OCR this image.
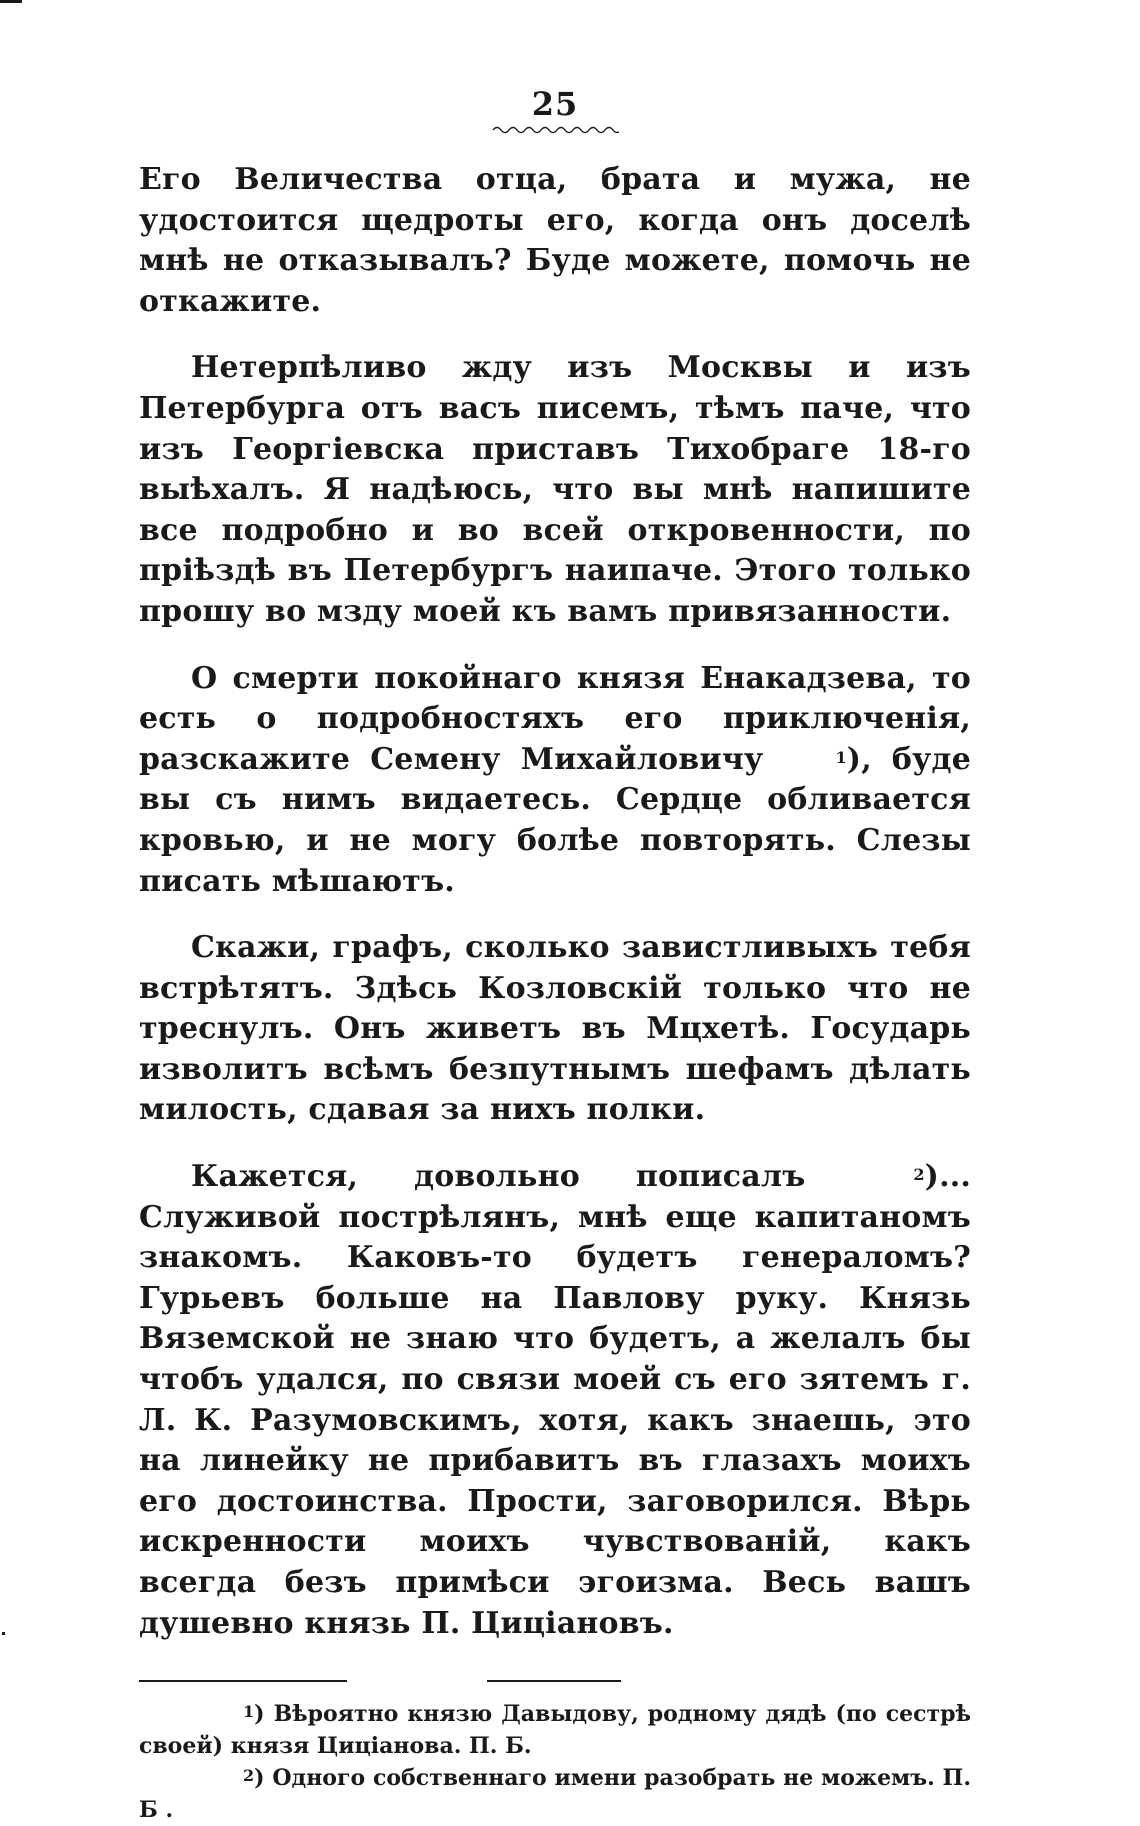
25

Его Величества отца, брата и мужа, не удостоится щедроты его, когда онъ доселѣ мнѣ не отказывалъ? Буде можете, помочь не откажите.

Нетерпѣливо жду изъ Москвы и изъ Петербурга отъ васъ писемъ, тѣмъ паче, что изъ Георгіевска приставъ Тихобраге 18-го выѣхалъ. Я надѣюсь, что вы мнѣ напишите все подробно и во всей откровенности, по пріѣздѣ въ Петербургъ наипаче. Этого только прошу во мзду моей къ вамъ привязанности.

О смерти покойнаго князя Енакадзева, то есть о подробностяхъ его приключенія, разскажите Семену Михайловичу	1), буде вы съ нимъ видаетесь. Сердце обливается кровью, и не могу болѣе повторять. Слезы писать мѣшаютъ.

Скажи, графъ, сколько завистливыхъ тебя встрѣтятъ. Здѣсь Козловскій только что не треснулъ. Онъ живетъ въ Мцхетѣ. Государь изволитъ всѣмъ безпутнымъ шефамъ дѣлать милость, сдавая за нихъ полки.

Кажется, довольно пописалъ	2)... Служивой пострѣлянъ, мнѣ еще капитаномъ знакомъ. Каковъ-то будетъ генераломъ? Гурьевъ больше на Павлову руку. Князь Вяземской не знаю что будетъ, а желалъ бы чтобъ удался, по связи моей съ его зятемъ г. Л. К. Разумовскимъ, хотя, какъ знаешь, это на линейку не прибавитъ въ глазахъ моихъ его достоинства. Прости, заговорился. Вѣрь искренности моихъ чувствованій, какъ всегда безъ примѣси эгоизма. Весь вашъ душевно князь П. Циціановъ.

1) Вѣроятно князю Давыдову, родному дядѣ (по сестрѣ своей) князя Циціанова. П. Б.

2) Одного собственнаго имени разобрать не можемъ. П. Б .
